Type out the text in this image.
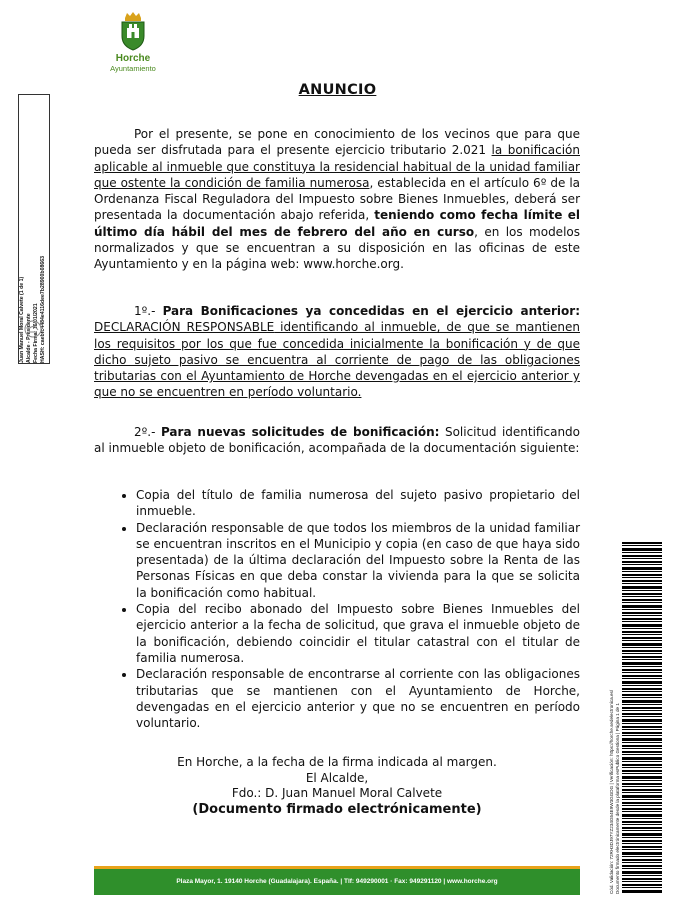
Horche
Ayuntamiento
ANUNCIO
Por el presente, se pone en conocimiento de los vecinos que para que pueda ser disfrutada para el presente ejercicio tributario 2.021 la bonificación aplicable al inmueble que constituya la residencial habitual de la unidad familiar que ostente la condición de familia numerosa, establecida en el artículo 6º de la Ordenanza Fiscal Reguladora del Impuesto sobre Bienes Inmuebles, deberá ser presentada la documentación abajo referida, teniendo como fecha límite el último día hábil del mes de febrero del año en curso, en los modelos normalizados y que se encuentran a su disposición en las oficinas de este Ayuntamiento y en la página web: www.horche.org.
1º.- Para Bonificaciones ya concedidas en el ejercicio anterior: DECLARACIÓN RESPONSABLE identificando al inmueble, de que se mantienen los requisitos por los que fue concedida inicialmente la bonificación y de que dicho sujeto pasivo se encuentra al corriente de pago de las obligaciones tributarias con el Ayuntamiento de Horche devengadas en el ejercicio anterior y que no se encuentren en período voluntario.
2º.- Para nuevas solicitudes de bonificación: Solicitud identificando al inmueble objeto de bonificación, acompañada de la documentación siguiente:
• Copia del título de familia numerosa del sujeto pasivo propietario del inmueble.
• Declaración responsable de que todos los miembros de la unidad familiar se encuentran inscritos en el Municipio y copia (en caso de que haya sido presentada) de la última declaración del Impuesto sobre la Renta de las Personas Físicas en que deba constar la vivienda para la que se solicita la bonificación como habitual.
• Copia del recibo abonado del Impuesto sobre Bienes Inmuebles del ejercicio anterior a la fecha de solicitud, que grava el inmueble objeto de la bonificación, debiendo coincidir el titular catastral con el titular de familia numerosa.
• Declaración responsable de encontrarse al corriente con las obligaciones tributarias que se mantienen con el Ayuntamiento de Horche, devengadas en el ejercicio anterior y que no se encuentren en período voluntario.
En Horche, a la fecha de la firma indicada al margen.
El Alcalde,
Fdo.: D. Juan Manuel Moral Calvete
(Documento firmado electrónicamente)
Plaza Mayor, 1. 19140 Horche (Guadalajara). España. | Tlf: 949290001 · Fax: 949291120 | www.horche.org
Juan Manuel Moral Calvete (1 de 1) Alcalde - Presidente Fecha Firma: 16/01/2021 HASH: caebfc4484e4116dee7b28900b08663
Cód. Validación: 72RH3DJ97YZ234G54E9W3GGDG | Verificación: https://horche.sedelectronica.es/ Documento firmado electrónicamente desde la plataforma esPublico Gestiona | Página 1 de 1
